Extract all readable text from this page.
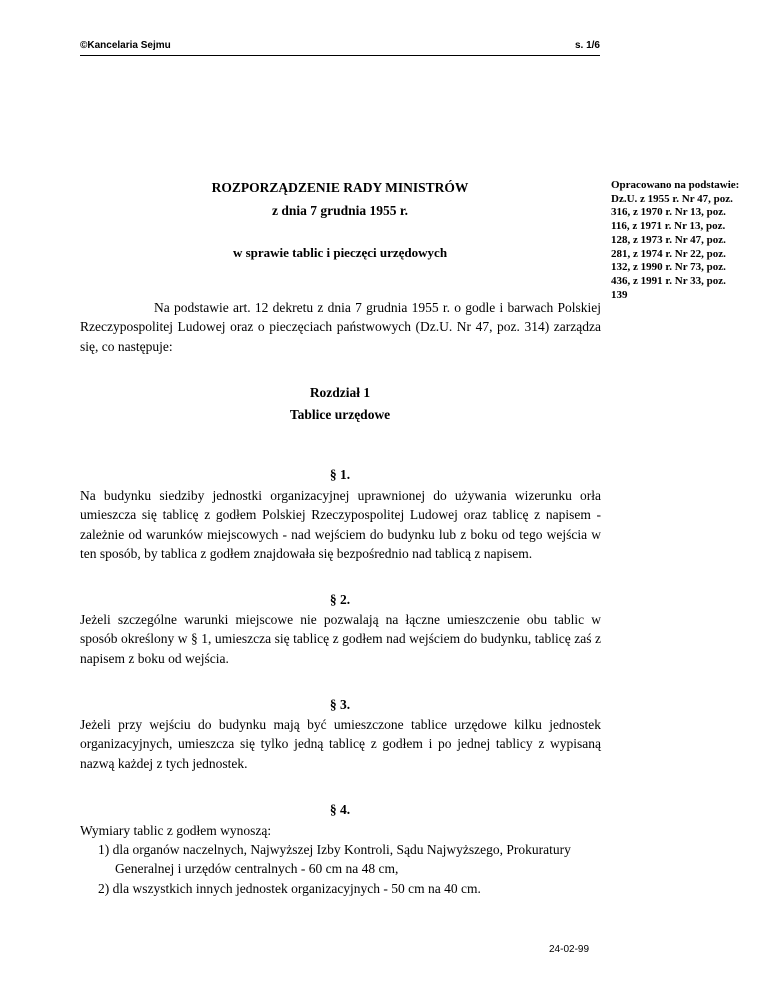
©Kancelaria Sejmu	s. 1/6
ROZPORZĄDZENIE RADY MINISTRÓW
z dnia 7 grudnia 1955 r.
w sprawie tablic i pieczęci urzędowych
Opracowano na podstawie: Dz.U. z 1955 r. Nr 47, poz. 316, z 1970 r. Nr 13, poz. 116, z 1971 r. Nr 13, poz. 128, z 1973 r. Nr 47, poz. 281, z 1974 r. Nr 22, poz. 132, z 1990 r. Nr 73, poz. 436, z 1991 r. Nr 33, poz. 139
Na podstawie art. 12 dekretu z dnia 7 grudnia 1955 r. o godle i barwach Polskiej Rzeczypospolitej Ludowej oraz o pieczęciach państwowych (Dz.U. Nr 47, poz. 314) zarządza się, co następuje:
Rozdział 1
Tablice urzędowe
§ 1.
Na budynku siedziby jednostki organizacyjnej uprawnionej do używania wizerunku orła umieszcza się tablicę z godłem Polskiej Rzeczypospolitej Ludowej oraz tablicę z napisem - zależnie od warunków miejscowych - nad wejściem do budynku lub z boku od tego wejścia w ten sposób, by tablica z godłem znajdowała się bezpośrednio nad tablicą z napisem.
§ 2.
Jeżeli szczególne warunki miejscowe nie pozwalają na łączne umieszczenie obu tablic w sposób określony w § 1, umieszcza się tablicę z godłem nad wejściem do budynku, tablicę zaś z napisem z boku od wejścia.
§ 3.
Jeżeli przy wejściu do budynku mają być umieszczone tablice urzędowe kilku jednostek organizacyjnych, umieszcza się tylko jedną tablicę z godłem i po jednej tablicy z wypisaną nazwą każdej z tych jednostek.
§ 4.
Wymiary tablic z godłem wynoszą:
1) dla organów naczelnych, Najwyższej Izby Kontroli, Sądu Najwyższego, Prokuratury Generalnej i urzędów centralnych - 60 cm na 48 cm,
2) dla wszystkich innych jednostek organizacyjnych - 50 cm na 40 cm.
24-02-99
